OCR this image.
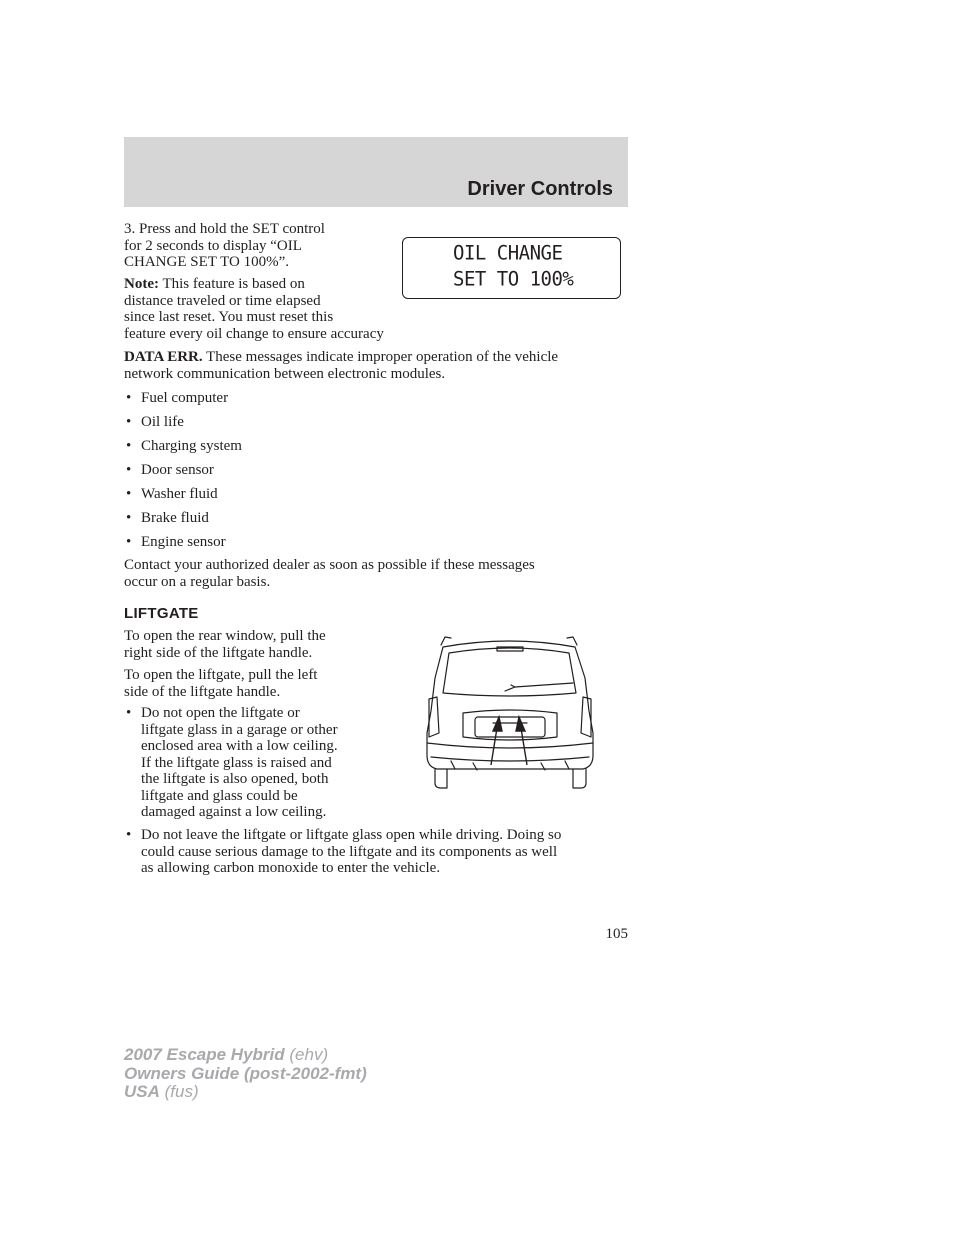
Driver Controls
3. Press and hold the SET control
for 2 seconds to display “OIL
CHANGE SET TO 100%”.
Note: This feature is based on
distance traveled or time elapsed
since last reset. You must reset this
feature every oil change to ensure accuracy
OIL CHANGE
SET TO 100%
DATA ERR. These messages indicate improper operation of the vehicle
network communication between electronic modules.
• Fuel computer
• Oil life
• Charging system
• Door sensor
• Washer fluid
• Brake fluid
• Engine sensor
Contact your authorized dealer as soon as possible if these messages
occur on a regular basis.
LIFTGATE
To open the rear window, pull the
right side of the liftgate handle.
To open the liftgate, pull the left
side of the liftgate handle.
• Do not open the liftgate or
liftgate glass in a garage or other
enclosed area with a low ceiling.
If the liftgate glass is raised and
the liftgate is also opened, both
liftgate and glass could be
damaged against a low ceiling.
• Do not leave the liftgate or liftgate glass open while driving. Doing so
could cause serious damage to the liftgate and its components as well
as allowing carbon monoxide to enter the vehicle.
105
2007 Escape Hybrid (ehv)
Owners Guide (post-2002-fmt)
USA (fus)
